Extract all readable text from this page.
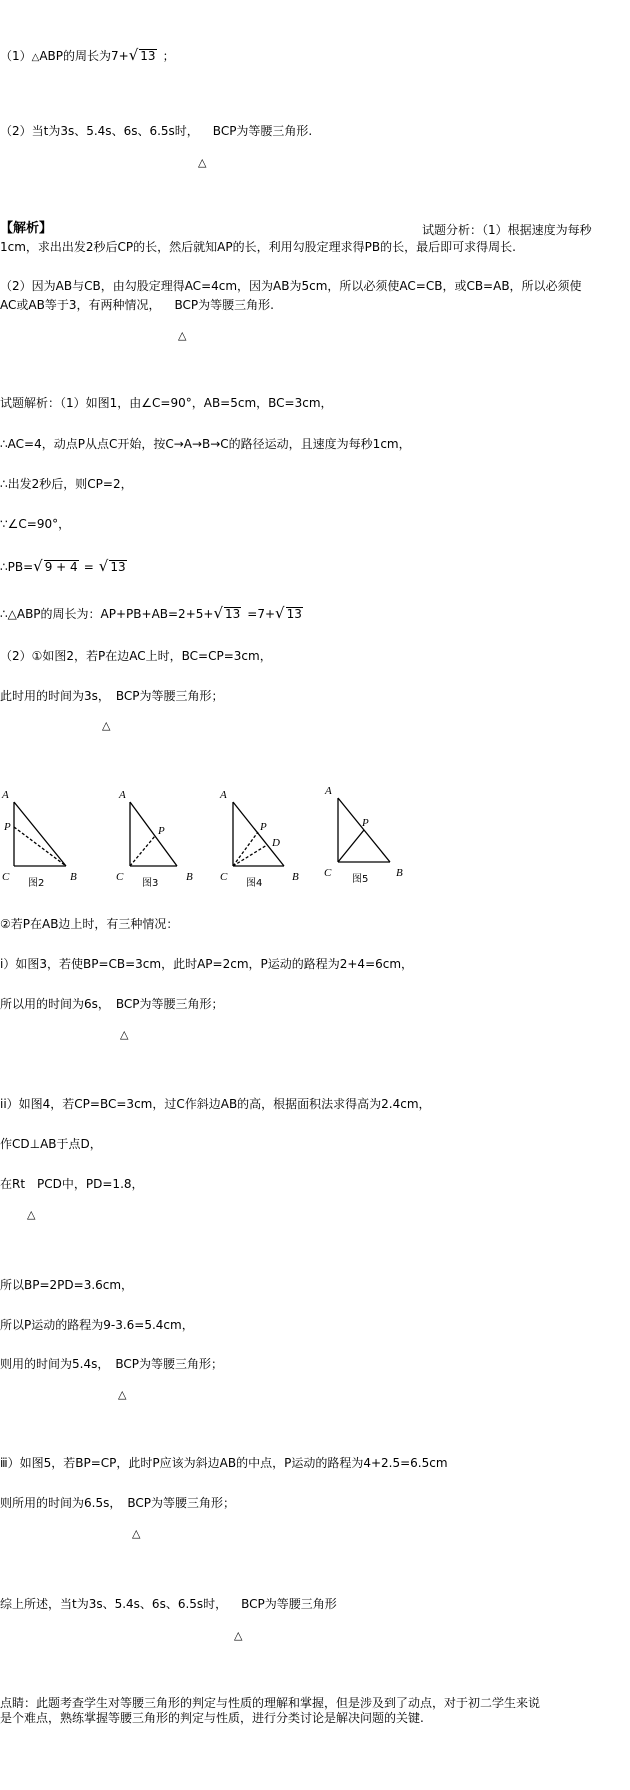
（1）△ABP的周长为7+√ 13 ；
（2）当t为3s、5.4s、6s、6.5s时， BCP为等腰三角形.
△
【解析】	试题分析：（1）根据速度为每秒
1cm，求出出发2秒后CP的长，然后就知AP的长，利用勾股定理求得PB的长，最后即可求得周长.
（2）因为AB与CB，由勾股定理得AC=4cm，因为AB为5cm，所以必须使AC=CB，或CB=AB，所以必须使
AC或AB等于3，有两种情况， BCP为等腰三角形.
△
试题解析：（1）如图1，由∠C=90°，AB=5cm，BC=3cm，
∴AC=4，动点P从点C开始，按C→A→B→C的路径运动，且速度为每秒1cm，
∴出发2秒后，则CP=2，
∵∠C=90°，
∴PB=√ 9 + 4 = √ 13
∴△ABP的周长为：AP+PB+AB=2+5+√ 13 =7+√ 13
（2）①如图2，若P在边AC上时，BC=CP=3cm，
此时用的时间为3s， BCP为等腰三角形；
△
A
P
C	B
图2
A
P
C	B
图3
A
P
D
C	B
图4
A
P
C	B
图5
②若P在AB边上时，有三种情况：
i）如图3，若使BP=CB=3cm，此时AP=2cm，P运动的路程为2+4=6cm，
所以用的时间为6s， BCP为等腰三角形；
△
ii）如图4，若CP=BC=3cm，过C作斜边AB的高，根据面积法求得高为2.4cm，
作CD⊥AB于点D，
在Rt　PCD中，PD=1.8，
△
所以BP=2PD=3.6cm，
所以P运动的路程为9-3.6=5.4cm，
则用的时间为5.4s， BCP为等腰三角形；
△
ⅲ）如图5，若BP=CP，此时P应该为斜边AB的中点，P运动的路程为4+2.5=6.5cm
则所用的时间为6.5s， BCP为等腰三角形；
△
综上所述，当t为3s、5.4s、6s、6.5s时， BCP为等腰三角形
△
点睛：此题考查学生对等腰三角形的判定与性质的理解和掌握，但是涉及到了动点，对于初二学生来说
是个难点，熟练掌握等腰三角形的判定与性质，进行分类讨论是解决问题的关键.
